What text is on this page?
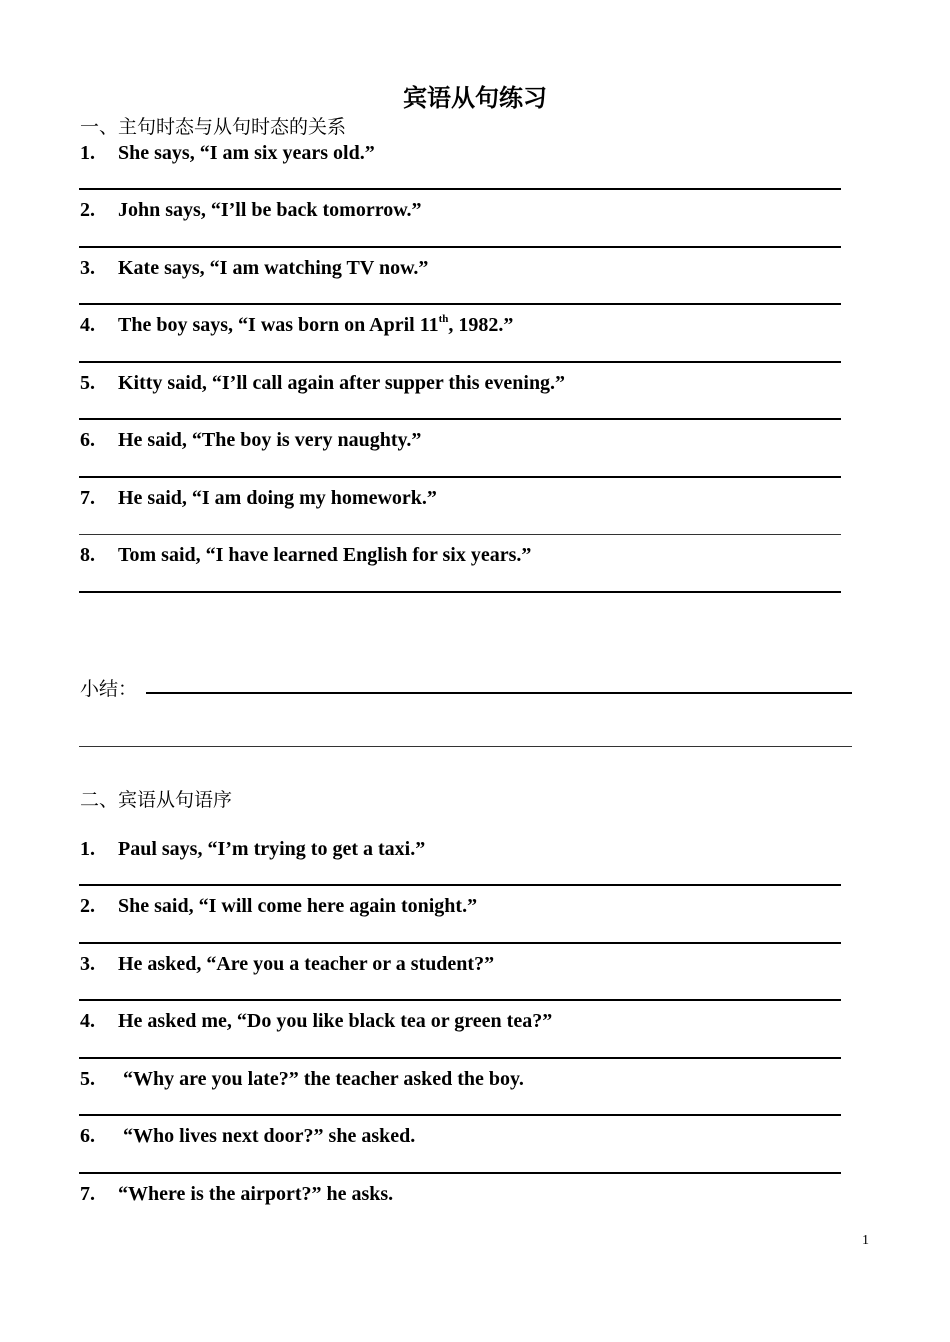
宾语从句练习
一、主句时态与从句时态的关系
1. She says, “I am six years old.”
2. John says, “I’ll be back tomorrow.”
3. Kate says, “I am watching TV now.”
4. The boy says, “I was born on April 11th, 1982.”
5. Kitty said, “I’ll call again after supper this evening.”
6. He said, “The boy is very naughty.”
7. He said, “I am doing my homework.”
8. Tom said, “I have learned English for six years.”
小结：
二、宾语从句语序
1. Paul says, “I’m trying to get a taxi.”
2. She said, “I will come here again tonight.”
3. He asked, “Are you a teacher or a student?”
4. He asked me, “Do you like black tea or green tea?”
5. “Why are you late?” the teacher asked the boy.
6. “Who lives next door?” she asked.
7. “Where is the airport?” he asks.
1
